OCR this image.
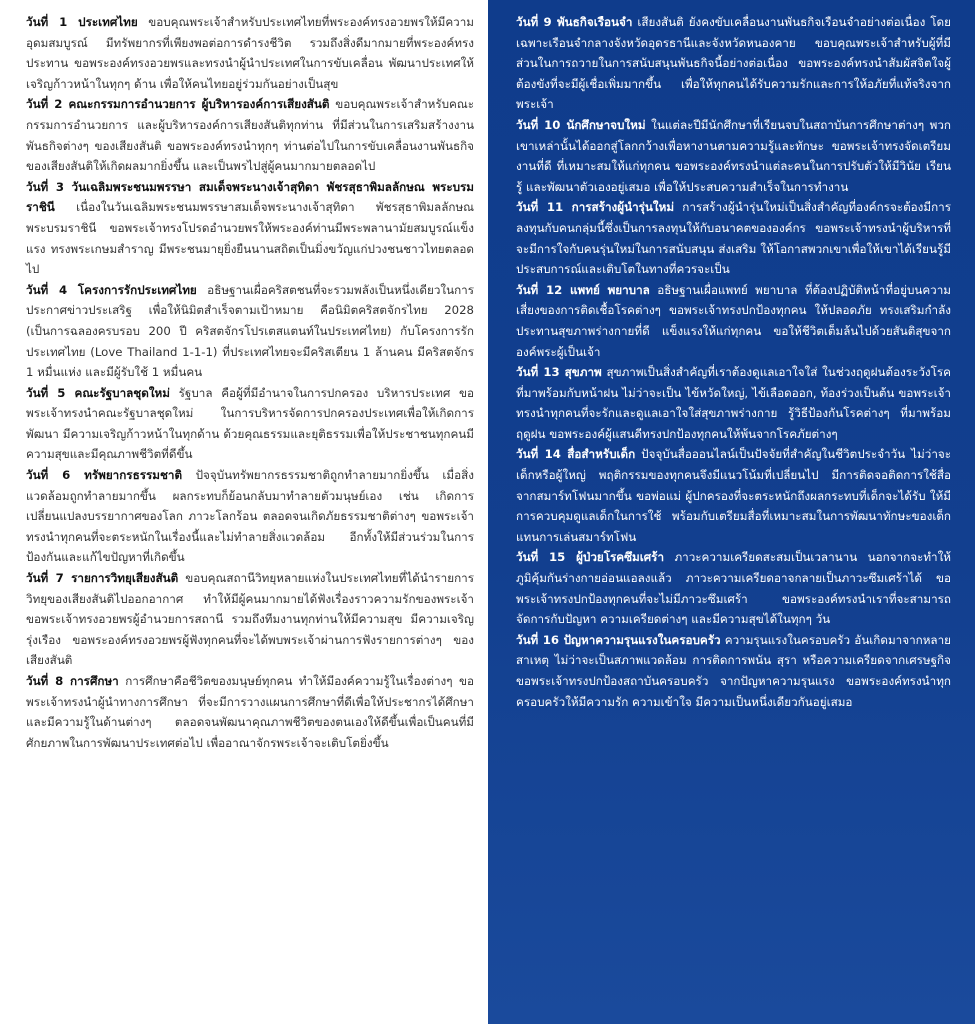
วันที่ 1 ประเทศไทย ขอบคุณพระเจ้าสำหรับประเทศไทยที่พระองค์ทรงอวยพรให้มีความอุดมสมบูรณ์ มีทรัพยากรที่เพียงพอต่อการดำรงชีวิต รวมถึงสิ่งดีมากมายที่พระองค์ทรงประทาน ขอพระองค์ทรงอวยพรและทรงนำผู้นำประเทศในการขับเคลื่อน พัฒนาประเทศให้เจริญก้าวหน้าในทุกๆ ด้าน เพื่อให้คนไทยอยู่ร่วมกันอย่างเป็นสุข

วันที่ 2 คณะกรรมการอำนวยการ ผู้บริหารองค์การเสียงสันติ ขอบคุณพระเจ้าสำหรับคณะกรรมการอำนวยการ และผู้บริหารองค์การเสียงสันติทุกท่าน ที่มีส่วนในการเสริมสร้างงานพันธกิจต่างๆ ของเสียงสันติ ขอพระองค์ทรงนำทุกๆ ท่านต่อไปในการขับเคลื่อนงานพันธกิจของเสียงสันติให้เกิดผลมากยิ่งขึ้น และเป็นพรไปสู่ผู้คนมากมายตลอดไป

วันที่ 3 วันเฉลิมพระชนมพรรษา สมเด็จพระนางเจ้าสุทิดา พัชรสุธาพิมลลักษณ พระบรมราชินี เนื่องในวันเฉลิมพระชนมพรรษาสมเด็จพระนางเจ้าสุทิดา พัชรสุธาพิมลลักษณ พระบรมราชินี ขอพระเจ้าทรงโปรดอำนวยพรให้พระองค์ท่านมีพระพลานามัยสมบูรณ์แข็งแรง ทรงพระเกษมสำราญ มีพระชนมายุยิ่งยืนนานสถิตเป็นมิ่งขวัญแก่ปวงชนชาวไทยตลอดไป

วันที่ 4 โครงการรักประเทศไทย อธิษฐานเผื่อคริสตชนที่จะรวมพลังเป็นหนึ่งเดียวในการประกาศข่าวประเสริฐ เพื่อให้นิมิตสำเร็จตามเป้าหมาย คือนิมิตคริสตจักรไทย 2028 (เป็นการฉลองครบรอบ 200 ปี คริสตจักรโปรเตสแตนท์ในประเทศไทย) กับโครงการรักประเทศไทย (Love Thailand 1-1-1) ที่ประเทศไทยจะมีคริสเตียน 1 ล้านคน มีคริสตจักร 1 หมื่นแห่ง และมีผู้รับใช้ 1 หมื่นคน

วันที่ 5 คณะรัฐบาลชุดใหม่ รัฐบาล คือผู้ที่มีอำนาจในการปกครอง บริหารประเทศ ขอพระเจ้าทรงนำคณะรัฐบาลชุดใหม่ ในการบริหารจัดการปกครองประเทศเพื่อให้เกิดการพัฒนา มีความเจริญก้าวหน้าในทุกด้าน ด้วยคุณธรรมและยุติธรรมเพื่อให้ประชาชนทุกคนมีความสุขและมีคุณภาพชีวิตที่ดีขึ้น

วันที่ 6 ทรัพยากรธรรมชาติ ปัจจุบันทรัพยากรธรรมชาติถูกทำลายมากยิ่งขึ้น เมื่อสิ่งแวดล้อมถูกทำลายมากขึ้น ผลกระทบก็ย้อนกลับมาทำลายตัวมนุษย์เอง เช่น เกิดการเปลี่ยนแปลงบรรยากาศของโลก ภาวะโลกร้อน ตลอดจนเกิดภัยธรรมชาติต่างๆ ขอพระเจ้าทรงนำทุกคนที่จะตระหนักในเรื่องนี้และไม่ทำลายสิ่งแวดล้อม อีกทั้งให้มีส่วนร่วมในการป้องกันและแก้ไขปัญหาที่เกิดขึ้น

วันที่ 7 รายการวิทยุเสียงสันติ ขอบคุณสถานีวิทยุหลายแห่งในประเทศไทยที่ได้นำรายการวิทยุของเสียงสันติไปออกอากาศ ทำให้มีผู้คนมากมายได้ฟังเรื่องราวความรักของพระเจ้า ขอพระเจ้าทรงอวยพรผู้อำนวยการสถานี รวมถึงทีมงานทุกท่านให้มีความสุข มีความเจริญรุ่งเรือง ขอพระองค์ทรงอวยพรผู้ฟังทุกคนที่จะได้พบพระเจ้าผ่านการฟังรายการต่างๆ ของเสียงสันติ

วันที่ 8 การศึกษา การศึกษาคือชีวิตของมนุษย์ทุกคน ทำให้มีองค์ความรู้ในเรื่องต่างๆ ขอพระเจ้าทรงนำผู้นำทางการศึกษา ที่จะมีการวางแผนการศึกษาที่ดีเพื่อให้ประชากรได้ศึกษาและมีความรู้ในด้านต่างๆ ตลอดจนพัฒนาคุณภาพชีวิตของตนเองให้ดีขึ้นเพื่อเป็นคนที่มีศักยภาพในการพัฒนาประเทศต่อไป เพื่ออาณาจักรพระเจ้าจะเติบโตยิ่งขึ้น

วันที่ 9 พันธกิจเรือนจำ เสียงสันติ ยังคงขับเคลื่อนงานพันธกิจเรือนจำอย่างต่อเนื่อง โดยเฉพาะเรือนจำกลางจังหวัดอุดรธานีและจังหวัดหนองคาย ขอบคุณพระเจ้าสำหรับผู้ที่มีส่วนในการถวายในการสนับสนุนพันธกิจนี้อย่างต่อเนื่อง ขอพระองค์ทรงนำสัมผัสจิตใจผู้ต้องขังที่จะมีผู้เชื่อเพิ่มมากขึ้น เพื่อให้ทุกคนได้รับความรักและการให้อภัยที่แท้จริงจากพระเจ้า

วันที่ 10 นักศึกษาจบใหม่ ในแต่ละปีมีนักศึกษาที่เรียนจบในสถาบันการศึกษาต่างๆ พวกเขาเหล่านั้นได้ออกสู่โลกกว้างเพื่อหางานตามความรู้และทักษะ ขอพระเจ้าทรงจัดเตรียมงานที่ดี ที่เหมาะสมให้แก่ทุกคน ขอพระองค์ทรงนำแต่ละคนในการปรับตัวให้มีวินัย เรียนรู้ และพัฒนาตัวเองอยู่เสมอ เพื่อให้ประสบความสำเร็จในการทำงาน

วันที่ 11 การสร้างผู้นำรุ่นใหม่ การสร้างผู้นำรุ่นใหม่เป็นสิ่งสำคัญที่องค์กรจะต้องมีการลงทุนกับคนกลุ่มนี้ซึ่งเป็นการลงทุนให้กับอนาคตขององค์กร ขอพระเจ้าทรงนำผู้บริหารที่จะมีการใจกับคนรุ่นใหม่ในการสนับสนุน ส่งเสริม ให้โอกาสพวกเขาเพื่อให้เขาได้เรียนรู้มีประสบการณ์และเติบโตในทางที่ควรจะเป็น

วันที่ 12 แพทย์ พยาบาล อธิษฐานเผื่อแพทย์ พยาบาล ที่ต้องปฏิบัติหน้าที่อยู่บนความเสี่ยงของการติดเชื้อโรคต่างๆ ขอพระเจ้าทรงปกป้องทุกคน ให้ปลอดภัย ทรงเสริมกำลัง ประทานสุขภาพร่างกายที่ดี แข็งแรงให้แก่ทุกคน ขอให้ชีวิตเต็มล้นไปด้วยสันติสุขจากองค์พระผู้เป็นเจ้า

วันที่ 13 สุขภาพ สุขภาพเป็นสิ่งสำคัญที่เราต้องดูแลเอาใจใส่ ในช่วงฤดูฝนต้องระวังโรคที่มาพร้อมกับหน้าฝน ไม่ว่าจะเป็น ไข้หวัดใหญ่, ไข้เลือดออก, ท้องร่วงเป็นต้น ขอพระเจ้าทรงนำทุกคนที่จะรักและดูแลเอาใจใส่สุขภาพร่างกาย รู้วิธีป้องกันโรคต่างๆ ที่มาพร้อมฤดูฝน ขอพระองค์ผู้แสนดีทรงปกป้องทุกคนให้พ้นจากโรคภัยต่างๆ

วันที่ 14 สื่อสำหรับเด็ก ปัจจุบันสื่อออนไลน์เป็นปัจจัยที่สำคัญในชีวิตประจำวัน ไม่ว่าจะเด็กหรือผู้ใหญ่ พฤติกรรมของทุกคนจึงมีแนวโน้มที่เปลี่ยนไป มีการติดจอติดการใช้สื่อจากสมาร์ทโฟนมากขึ้น ขอพ่อแม่ ผู้ปกครองที่จะตระหนักถึงผลกระทบที่เด็กจะได้รับ ให้มีการควบคุมดูแลเด็กในการใช้ พร้อมกับเตรียมสื่อที่เหมาะสมในการพัฒนาทักษะของเด็กแทนการเล่นสมาร์ทโฟน

วันที่ 15 ผู้ป่วยโรคซึมเศร้า ภาวะความเครียดสะสมเป็นเวลานาน นอกจากจะทำให้ภูมิคุ้มกันร่างกายอ่อนแอลงแล้ว ภาวะความเครียดอาจกลายเป็นภาวะซึมเศร้าได้ ขอพระเจ้าทรงปกป้องทุกคนที่จะไม่มีภาวะซึมเศร้า ขอพระองค์ทรงนำเราที่จะสามารถจัดการกับปัญหา ความเครียดต่างๆ และมีความสุขได้ในทุกๆ วัน

วันที่ 16 ปัญหาความรุนแรงในครอบครัว ความรุนแรงในครอบครัว อันเกิดมาจากหลายสาเหตุ ไม่ว่าจะเป็นสภาพแวดล้อม การติดการพนัน สุรา หรือความเครียดจากเศรษฐกิจ ขอพระเจ้าทรงปกป้องสถาบันครอบครัว จากปัญหาความรุนแรง ขอพระองค์ทรงนำทุกครอบครัวให้มีความรัก ความเข้าใจ มีความเป็นหนึ่งเดียวกันอยู่เสมอ
